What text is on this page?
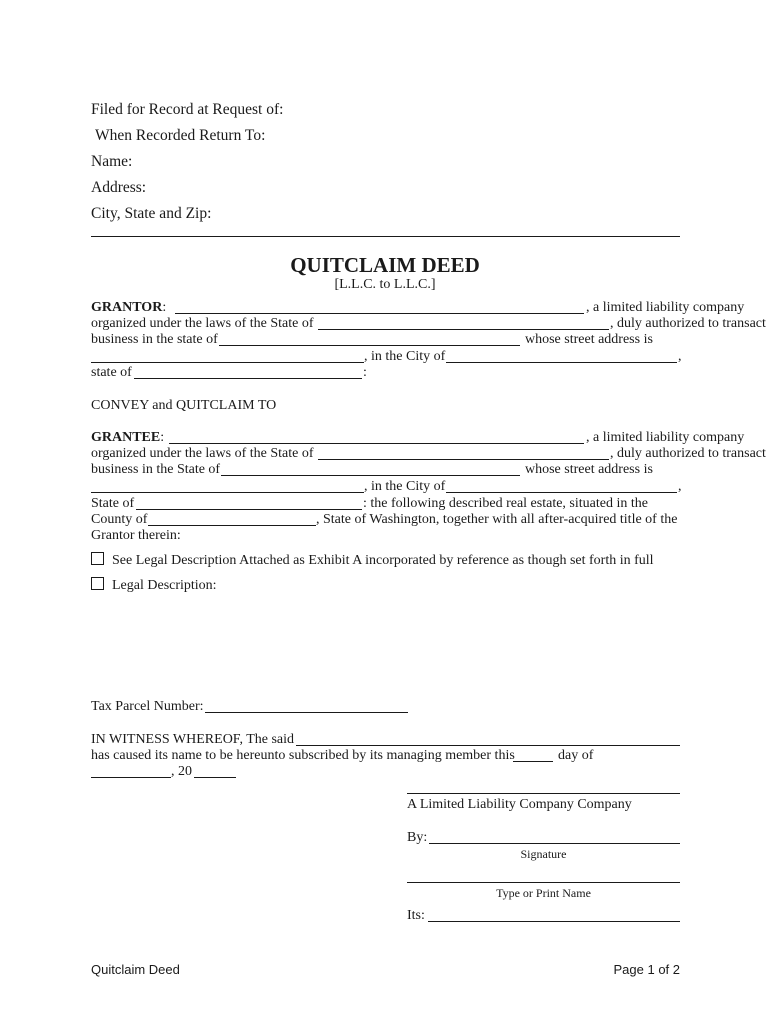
Filed for Record at Request of:
When Recorded Return To:
Name:
Address:
City, State and Zip:
QUITCLAIM DEED
[L.L.C. to L.L.C.]
GRANTOR:	, a limited liability company
organized under the laws of the State of	, duly authorized to transact
business in the state of	whose street address is
, in the City of	,
state of	:
CONVEY and QUITCLAIM TO
GRANTEE:	, a limited liability company
organized under the laws of the State of	, duly authorized to transact
business in the State of	whose street address is
, in the City of	,
State of	: the following described real estate, situated in the
County of	, State of Washington, together with all after-acquired title of the
Grantor therein:
See Legal Description Attached as Exhibit A incorporated by reference as though set forth in full
Legal Description:
Tax Parcel Number:
IN WITNESS WHEREOF, The said
has caused its name to be hereunto subscribed by its managing member this	day of
, 20
A Limited Liability Company Company
By:
Signature
Type or Print Name
Its:
Quitclaim Deed	Page 1 of 2
